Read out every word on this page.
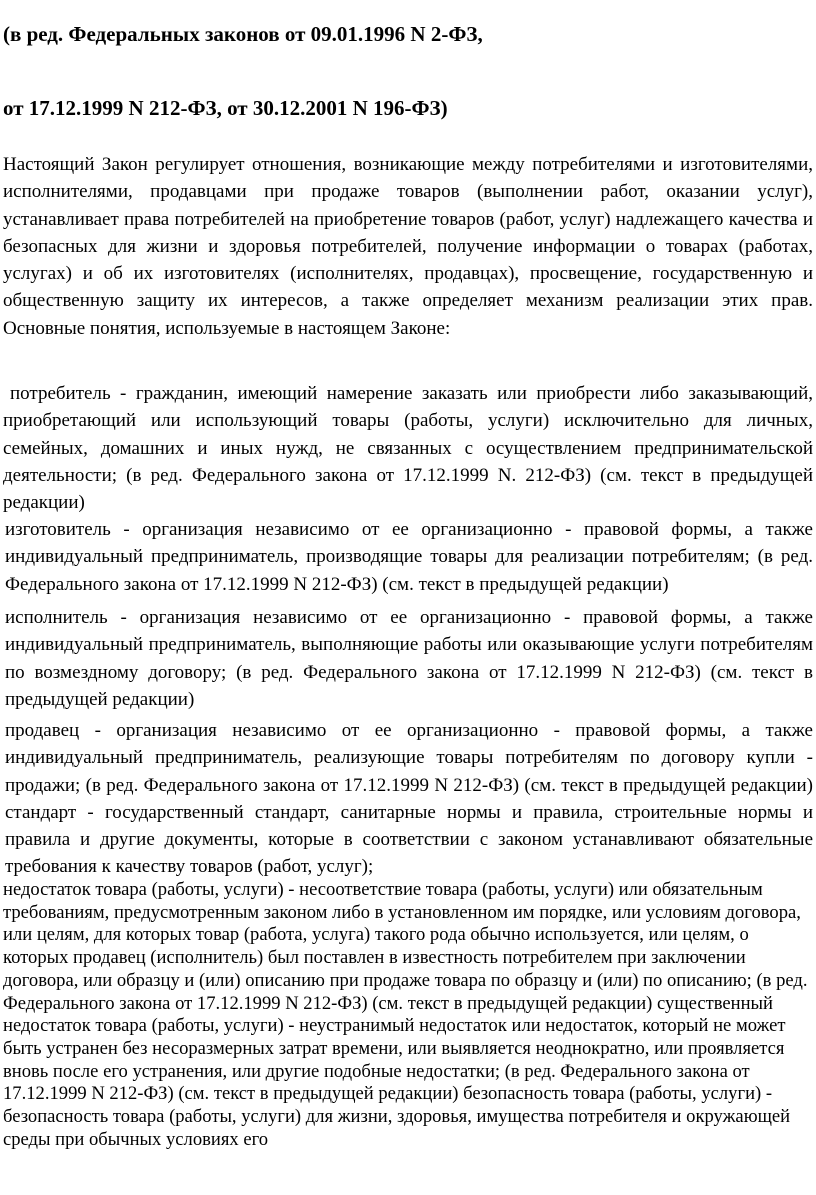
(в ред. Федеральных законов от 09.01.1996 N 2-ФЗ,
от 17.12.1999 N 212-ФЗ, от 30.12.2001 N 196-ФЗ)
Настоящий Закон регулирует отношения, возникающие между потребителями и изготовителями, исполнителями, продавцами при продаже товаров (выполнении работ, оказании услуг), устанавливает права потребителей на приобретение товаров (работ, услуг) надлежащего качества и безопасных для жизни и здоровья потребителей, получение информации о товарах (работах, услугах) и об их изготовителях (исполнителях, продавцах), просвещение, государственную и общественную защиту их интересов, а также определяет механизм реализации этих прав. Основные понятия, используемые в настоящем Законе:
потребитель - гражданин, имеющий намерение заказать или приобрести либо заказывающий, приобретающий или использующий товары (работы, услуги) исключительно для личных, семейных, домашних и иных нужд, не связанных с осуществлением предпринимательской деятельности; (в ред. Федерального закона от 17.12.1999 N. 212-ФЗ) (см. текст в предыдущей редакции)
изготовитель - организация независимо от ее организационно - правовой формы, а также индивидуальный предприниматель, производящие товары для реализации потребителям; (в ред. Федерального закона от 17.12.1999 N 212-ФЗ) (см. текст в предыдущей редакции)
исполнитель - организация независимо от ее организационно - правовой формы, а также индивидуальный предприниматель, выполняющие работы или оказывающие услуги потребителям по возмездному договору; (в ред. Федерального закона от 17.12.1999 N 212-ФЗ) (см. текст в предыдущей редакции)
продавец - организация независимо от ее организационно - правовой формы, а также индивидуальный предприниматель, реализующие товары потребителям по договору купли - продажи; (в ред. Федерального закона от 17.12.1999 N 212-ФЗ) (см. текст в предыдущей редакции) стандарт - государственный стандарт, санитарные нормы и правила, строительные нормы и правила и другие документы, которые в соответствии с законом устанавливают обязательные требования к качеству товаров (работ, услуг);
недостаток товара (работы, услуги) - несоответствие товара (работы, услуги) или обязательным требованиям, предусмотренным законом либо в установленном им порядке, или условиям договора, или целям, для которых товар (работа, услуга) такого рода обычно используется, или целям, о которых продавец (исполнитель) был поставлен в известность потребителем при заключении договора, или образцу и (или) описанию при продаже товара по образцу и (или) по описанию; (в ред. Федерального закона от 17.12.1999 N 212-ФЗ) (см. текст в предыдущей редакции) существенный недостаток товара (работы, услуги) - неустранимый недостаток или недостаток, который не может быть устранен без несоразмерных затрат времени, или выявляется неоднократно, или проявляется вновь после его устранения, или другие подобные недостатки; (в ред. Федерального закона от 17.12.1999 N 212-ФЗ) (см. текст в предыдущей редакции) безопасность товара (работы, услуги) - безопасность товара (работы, услуги) для жизни, здоровья, имущества потребителя и окружающей среды при обычных условиях его
